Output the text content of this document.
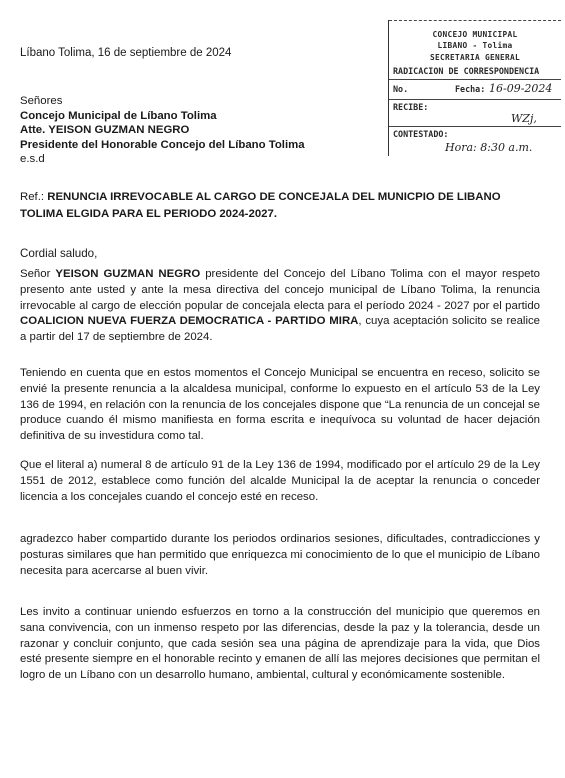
Líbano Tolima, 16 de septiembre de 2024
Señores
Concejo Municipal de Líbano Tolima
Atte. YEISON GUZMAN NEGRO
Presidente del Honorable Concejo del Líbano Tolima
e.s.d
CONCEJO MUNICIPAL
LIBANO - Tolima
SECRETARIA GENERAL
RADICACION DE CORRESPONDENCIA
No.	Fecha: 16-09-2024
RECIBE:
WZj,
CONTESTADO:
Hora: 8:30 a.m.
Ref.: RENUNCIA IRREVOCABLE AL CARGO DE CONCEJALA DEL MUNICPIO DE LIBANO TOLIMA ELGIDA PARA EL PERIODO 2024-2027.
Cordial saludo,
Señor YEISON GUZMAN NEGRO presidente del Concejo del Líbano Tolima con el mayor respeto presento ante usted y ante la mesa directiva del concejo municipal de Líbano Tolima, la renuncia irrevocable al cargo de elección popular de concejala electa para el período 2024 - 2027 por el partido COALICION NUEVA FUERZA DEMOCRATICA - PARTIDO MIRA, cuya aceptación solicito se realice a partir del 17 de septiembre de 2024.
Teniendo en cuenta que en estos momentos el Concejo Municipal se encuentra en receso, solicito se envié la presente renuncia a la alcaldesa municipal, conforme lo expuesto en el artículo 53 de la Ley 136 de 1994, en relación con la renuncia de los concejales dispone que “La renuncia de un concejal se produce cuando él mismo manifiesta en forma escrita e inequívoca su voluntad de hacer dejación definitiva de su investidura como tal.
Que el literal a) numeral 8 de artículo 91 de la Ley 136 de 1994, modificado por el artículo 29 de la Ley 1551 de 2012, establece como función del alcalde Municipal la de aceptar la renuncia o conceder licencia a los concejales cuando el concejo esté en receso.
agradezco haber compartido durante los periodos ordinarios sesiones, dificultades, contradicciones y posturas similares que han permitido que enriquezca mi conocimiento de lo que el municipio de Líbano necesita para acercarse al buen vivir.
Les invito a continuar uniendo esfuerzos en torno a la construcción del municipio que queremos en sana convivencia, con un inmenso respeto por las diferencias, desde la paz y la tolerancia, desde un razonar y concluir conjunto, que cada sesión sea una página de aprendizaje para la vida, que Dios esté presente siempre en el honorable recinto y emanen de allí las mejores decisiones que permitan el logro de un Líbano con un desarrollo humano, ambiental, cultural y económicamente sostenible.
